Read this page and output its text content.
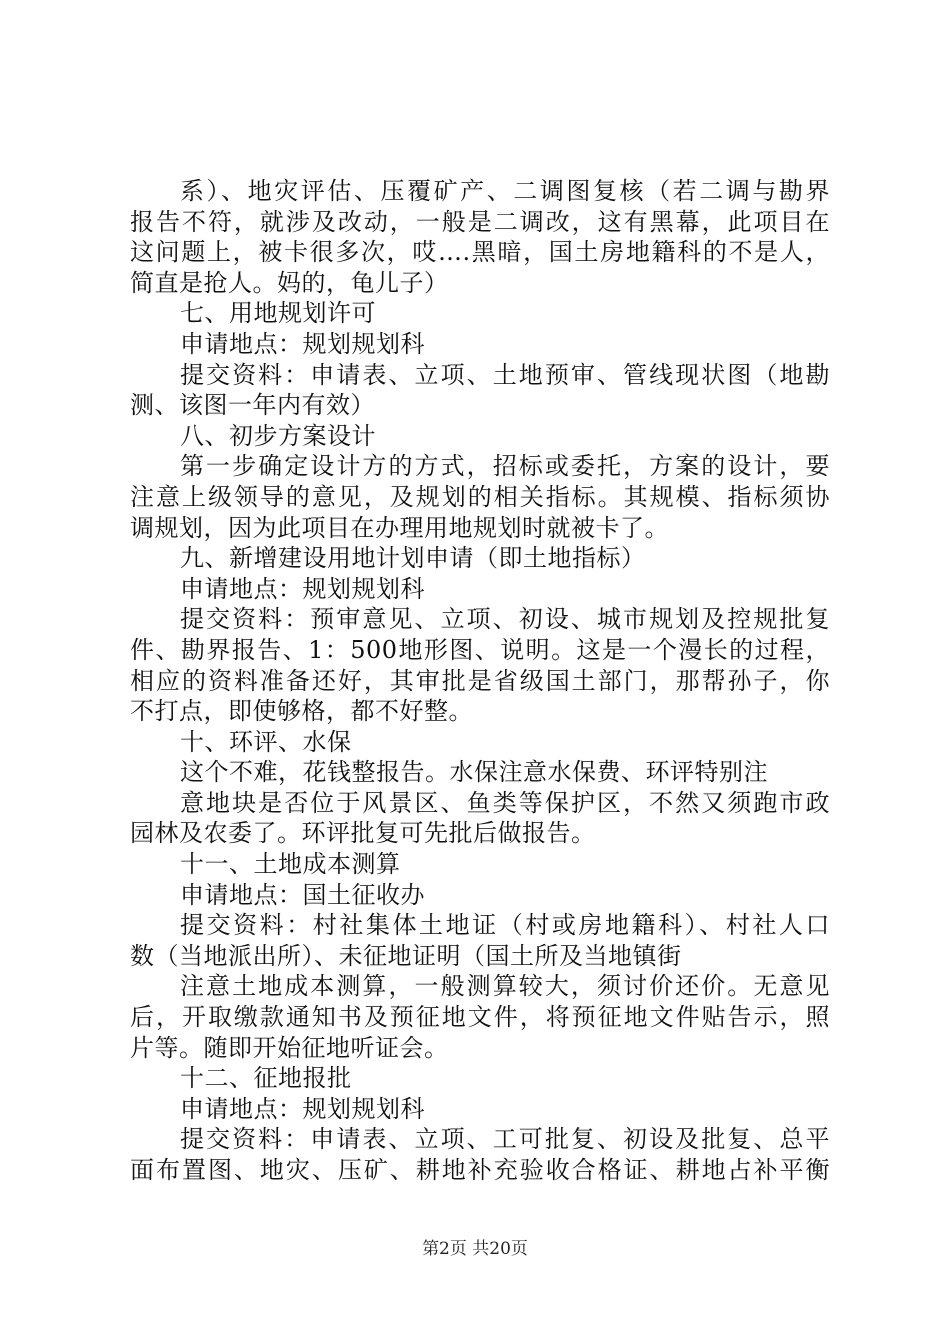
系）、地灾评估、压覆矿产、二调图复核（若二调与勘界
报告不符，就涉及改动，一般是二调改，这有黑幕，此项目在
这问题上，被卡很多次，哎….黑暗，国土房地籍科的不是人，
简直是抢人。妈的，龟儿子）
七、用地规划许可
申请地点：规划规划科
提交资料：申请表、立项、土地预审、管线现状图（地勘
测、该图一年内有效）
八、初步方案设计
第一步确定设计方的方式，招标或委托，方案的设计，要
注意上级领导的意见，及规划的相关指标。其规模、指标须协
调规划，因为此项目在办理用地规划时就被卡了。
九、新增建设用地计划申请（即土地指标）
申请地点：规划规划科
提交资料：预审意见、立项、初设、城市规划及控规批复
件、勘界报告、1：500地形图、说明。这是一个漫长的过程，
相应的资料准备还好，其审批是省级国土部门，那帮孙子，你
不打点，即使够格，都不好整。
十、环评、水保
这个不难，花钱整报告。水保注意水保费、环评特别注
意地块是否位于风景区、鱼类等保护区，不然又须跑市政
园林及农委了。环评批复可先批后做报告。
十一、土地成本测算
申请地点：国土征收办
提交资料：村社集体土地证（村或房地籍科）、村社人口
数（当地派出所）、未征地证明（国土所及当地镇街
注意土地成本测算，一般测算较大，须讨价还价。无意见
后，开取缴款通知书及预征地文件，将预征地文件贴告示，照
片等。随即开始征地听证会。
十二、征地报批
申请地点：规划规划科
提交资料：申请表、立项、工可批复、初设及批复、总平
面布置图、地灾、压矿、耕地补充验收合格证、耕地占补平衡
第2页 共20页
